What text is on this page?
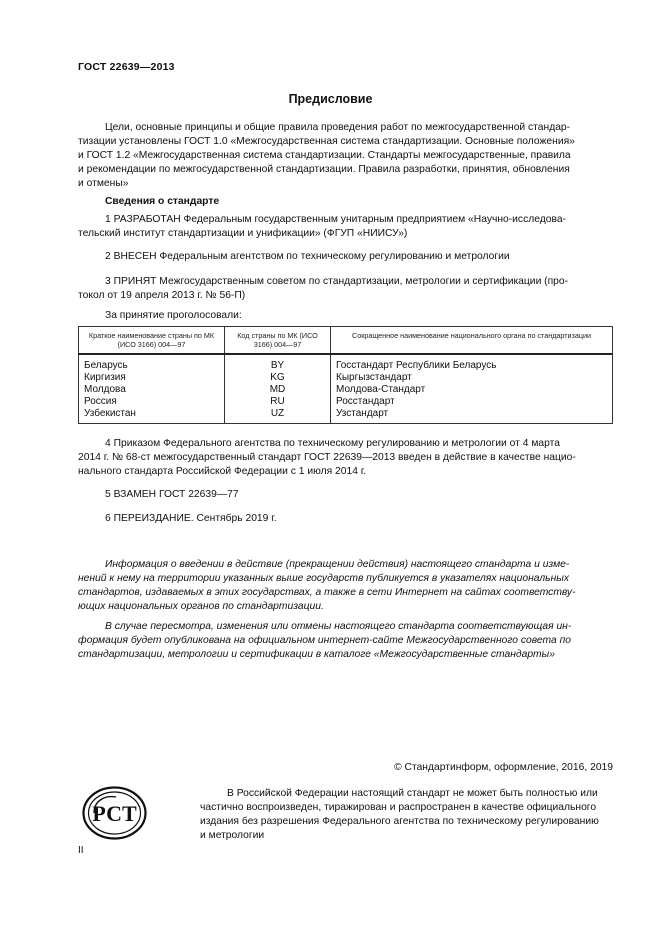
ГОСТ 22639—2013
Предисловие
Цели, основные принципы и общие правила проведения работ по межгосударственной стандар-
тизации установлены ГОСТ 1.0 «Межгосударственная система стандартизации. Основные положения»
и ГОСТ 1.2 «Межгосударственная система стандартизации. Стандарты межгосударственные, правила
и рекомендации по межгосударственной стандартизации. Правила разработки, принятия, обновления
и отмены»
Сведения о стандарте
1 РАЗРАБОТАН Федеральным государственным унитарным предприятием «Научно-исследова-
тельский институт стандартизации и унификации» (ФГУП «НИИСУ»)
2 ВНЕСЕН Федеральным агентством по техническому регулированию и метрологии
3 ПРИНЯТ Межгосударственным советом по стандартизации, метрологии и сертификации (про-
токол от 19 апреля 2013 г. № 56-П)
За принятие проголосовали:
Краткое наименование страны по МК (ИСО 3166) 004—97	Код страны по МК (ИСО 3166) 004—97	Сокращенное наименование национального органа по стандартизации
Беларусь	BY	Госстандарт Республики Беларусь
Киргизия	KG	Кыргызстандарт
Молдова	MD	Молдова-Стандарт
Россия	RU	Росстандарт
Узбекистан	UZ	Узстандарт
4 Приказом Федерального агентства по техническому регулированию и метрологии от 4 марта
2014 г. № 68-ст межгосударственный стандарт ГОСТ 22639—2013 введен в действие в качестве нацио-
нального стандарта Российской Федерации с 1 июля 2014 г.
5 ВЗАМЕН ГОСТ 22639—77
6 ПЕРЕИЗДАНИЕ. Сентябрь 2019 г.
Информация о введении в действие (прекращении действия) настоящего стандарта и изме-
нений к нему на территории указанных выше государств публикуется в указателях национальных
стандартов, издаваемых в этих государствах, а также в сети Интернет на сайтах соответству-
ющих национальных органов по стандартизации.
В случае пересмотра, изменения или отмены настоящего стандарта соответствующая ин-
формация будет опубликована на официальном интернет-сайте Межгосударственного совета по
стандартизации, метрологии и сертификации в каталоге «Межгосударственные стандарты»
© Стандартинформ, оформление, 2016, 2019
РСТ
В Российской Федерации настоящий стандарт не может быть полностью или
частично воспроизведен, тиражирован и распространен в качестве официального
издания без разрешения Федерального агентства по техническому регулированию
и метрологии
II
